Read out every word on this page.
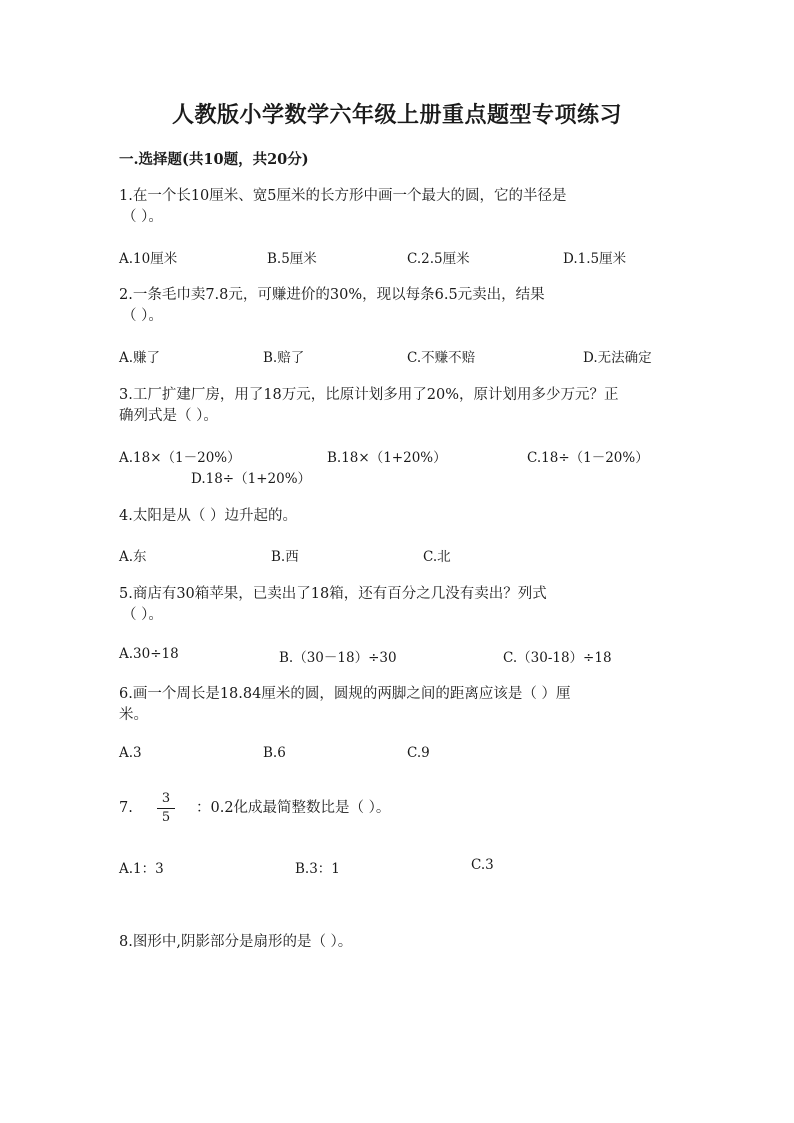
人教版小学数学六年级上册重点题型专项练习
一.选择题(共10题，共20分)
1.在一个长10厘米、宽5厘米的长方形中画一个最大的圆，它的半径是
（ ）。
A.10厘米	B.5厘米	C.2.5厘米	D.1.5厘米
2.一条毛巾卖7.8元，可赚进价的30%，现以每条6.5元卖出，结果
（ ）。
A.赚了	B.赔了	C.不赚不赔	D.无法确定
3.工厂扩建厂房，用了18万元，比原计划多用了20%，原计划用多少万元？正
确列式是（ ）。
A.18×（1－20%）	B.18×（1+20%）	C.18÷（1－20%）
D.18÷（1+20%）
4.太阳是从（ ）边升起的。
A.东	B.西	C.北
5.商店有30箱苹果，已卖出了18箱，还有百分之几没有卖出？列式
（ ）。
A.30÷18	B.（30－18）÷30	C.（30-18）÷18
6.画一个周长是18.84厘米的圆，圆规的两脚之间的距离应该是（ ）厘
米。
A.3	B.6	C.9
7.
3
5
：0.2化成最简整数比是（ ）。
A.1：3	B.3：1	C.3
8.图形中,阴影部分是扇形的是（ ）。
